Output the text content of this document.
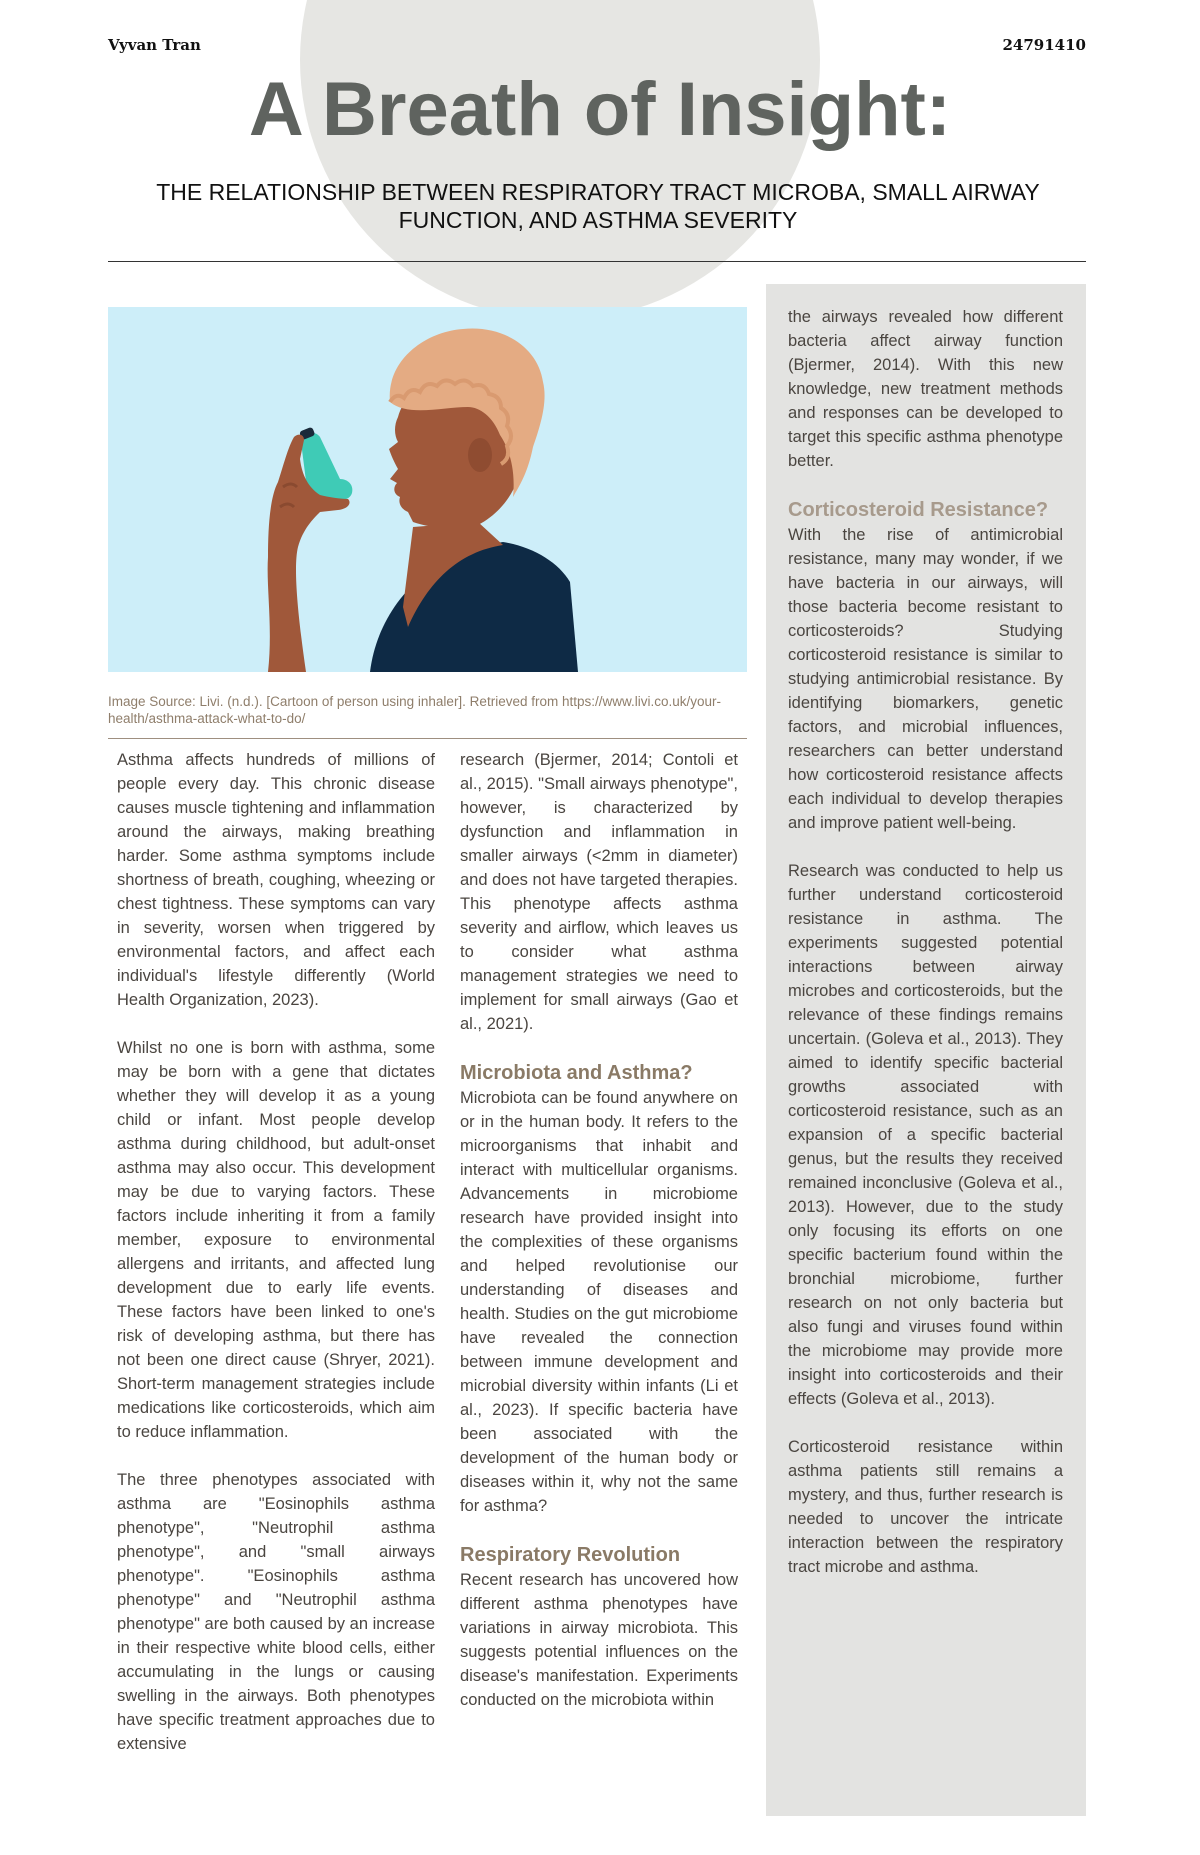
Vyvan Tran	24791410
A Breath of Insight:
THE RELATIONSHIP BETWEEN RESPIRATORY TRACT MICROBA, SMALL AIRWAY FUNCTION, AND ASTHMA SEVERITY
Image Source: Livi. (n.d.). [Cartoon of person using inhaler]. Retrieved from https://www.livi.co.uk/your-health/asthma-attack-what-to-do/

Asthma affects hundreds of millions of people every day. This chronic disease causes muscle tightening and inflammation around the airways, making breathing harder. Some asthma symptoms include shortness of breath, coughing, wheezing or chest tightness. These symptoms can vary in severity, worsen when triggered by environmental factors, and affect each individual's lifestyle differently (World Health Organization, 2023).

Whilst no one is born with asthma, some may be born with a gene that dictates whether they will develop it as a young child or infant. Most people develop asthma during childhood, but adult-onset asthma may also occur. This development may be due to varying factors. These factors include inheriting it from a family member, exposure to environmental allergens and irritants, and affected lung development due to early life events. These factors have been linked to one's risk of developing asthma, but there has not been one direct cause (Shryer, 2021). Short-term management strategies include medications like corticosteroids, which aim to reduce inflammation.

The three phenotypes associated with asthma are "Eosinophils asthma phenotype", "Neutrophil asthma phenotype", and "small airways phenotype". "Eosinophils asthma phenotype" and "Neutrophil asthma phenotype" are both caused by an increase in their respective white blood cells, either accumulating in the lungs or causing swelling in the airways. Both phenotypes have specific treatment approaches due to extensive

research (Bjermer, 2014; Contoli et al., 2015). "Small airways phenotype", however, is characterized by dysfunction and inflammation in smaller airways (<2mm in diameter) and does not have targeted therapies. This phenotype affects asthma severity and airflow, which leaves us to consider what asthma management strategies we need to implement for small airways (Gao et al., 2021).

Microbiota and Asthma?

Microbiota can be found anywhere on or in the human body. It refers to the microorganisms that inhabit and interact with multicellular organisms. Advancements in microbiome research have provided insight into the complexities of these organisms and helped revolutionise our understanding of diseases and health. Studies on the gut microbiome have revealed the connection between immune development and microbial diversity within infants (Li et al., 2023). If specific bacteria have been associated with the development of the human body or diseases within it, why not the same for asthma?

Respiratory Revolution

Recent research has uncovered how different asthma phenotypes have variations in airway microbiota. This suggests potential influences on the disease's manifestation. Experiments conducted on the microbiota within

the airways revealed how different bacteria affect airway function (Bjermer, 2014). With this new knowledge, new treatment methods and responses can be developed to target this specific asthma phenotype better.

Corticosteroid Resistance?

With the rise of antimicrobial resistance, many may wonder, if we have bacteria in our airways, will those bacteria become resistant to corticosteroids? Studying corticosteroid resistance is similar to studying antimicrobial resistance. By identifying biomarkers, genetic factors, and microbial influences, researchers can better understand how corticosteroid resistance affects each individual to develop therapies and improve patient well-being.

Research was conducted to help us further understand corticosteroid resistance in asthma. The experiments suggested potential interactions between airway microbes and corticosteroids, but the relevance of these findings remains uncertain. (Goleva et al., 2013). They aimed to identify specific bacterial growths associated with corticosteroid resistance, such as an expansion of a specific bacterial genus, but the results they received remained inconclusive (Goleva et al., 2013). However, due to the study only focusing its efforts on one specific bacterium found within the bronchial microbiome, further research on not only bacteria but also fungi and viruses found within the microbiome may provide more insight into corticosteroids and their effects (Goleva et al., 2013).

Corticosteroid resistance within asthma patients still remains a mystery, and thus, further research is needed to uncover the intricate interaction between the respiratory tract microbe and asthma.
